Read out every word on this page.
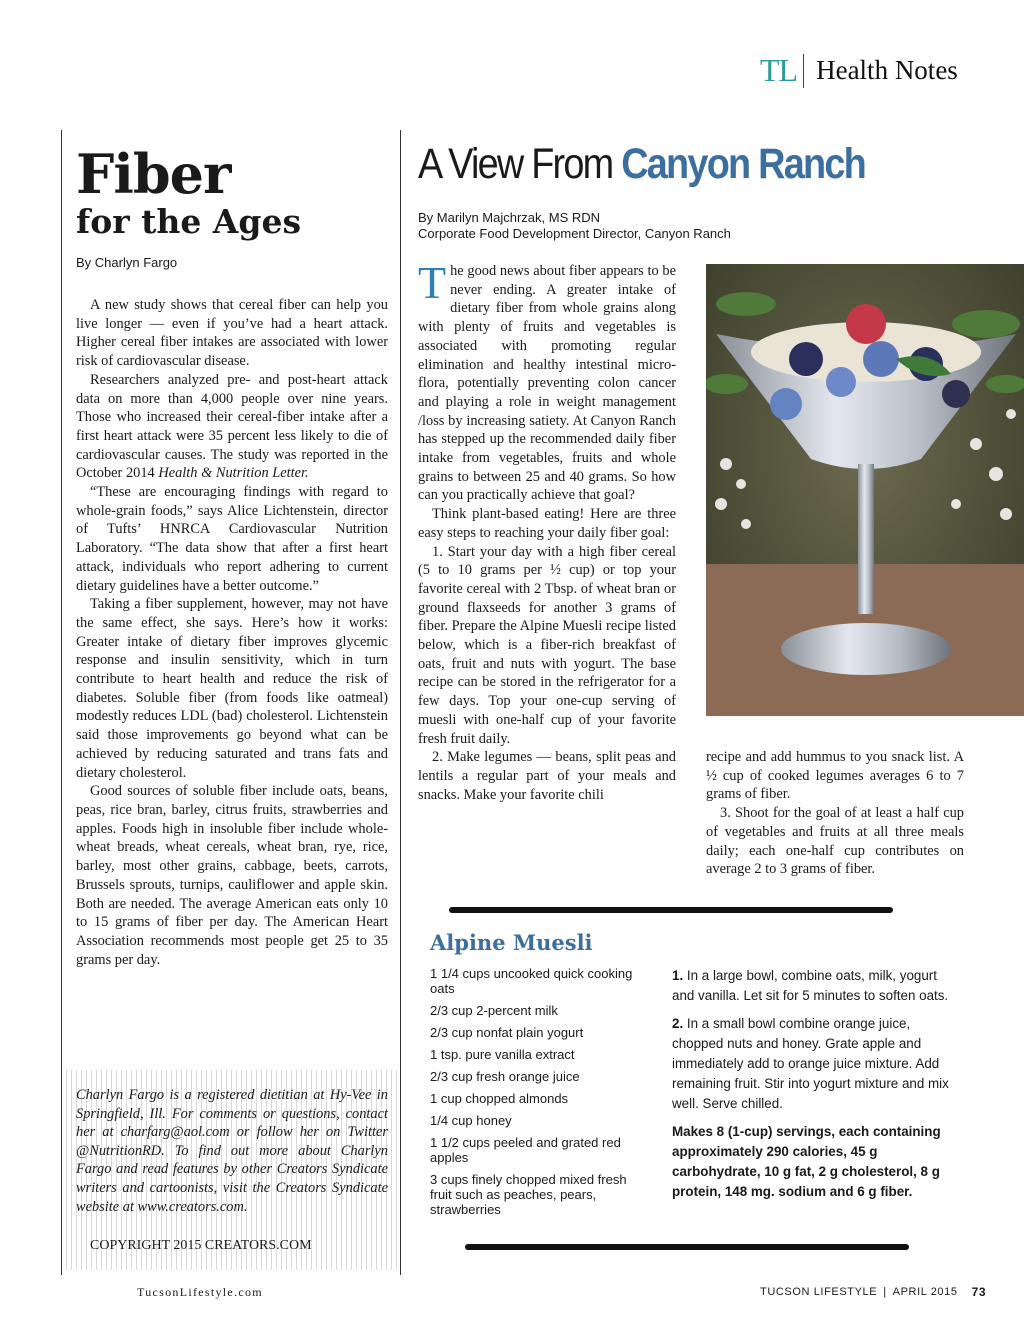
TL Health Notes
Fiber
for the Ages
By Charlyn Fargo

A new study shows that cereal fiber can help you live longer — even if you’ve had a heart attack. Higher cereal fiber intakes are associated with lower risk of cardiovascular disease.

Researchers analyzed pre- and post-heart attack data on more than 4,000 people over nine years. Those who increased their cereal-fiber intake after a first heart attack were 35 percent less likely to die of cardiovascular causes. The study was reported in the October 2014 Health & Nutrition Letter.

“These are encouraging findings with regard to whole-grain foods,” says Alice Lichtenstein, director of Tufts’ HNRCA Cardiovascular Nutrition Laboratory. “The data show that after a first heart attack, individuals who report adhering to current dietary guidelines have a better outcome.”

Taking a fiber supplement, however, may not have the same effect, she says. Here’s how it works: Greater intake of dietary fiber improves glycemic response and insulin sensitivity, which in turn contribute to heart health and reduce the risk of diabetes. Soluble fiber (from foods like oatmeal) modestly reduces LDL (bad) cholesterol. Lichtenstein said those improvements go beyond what can be achieved by reducing saturated and trans fats and dietary cholesterol.

Good sources of soluble fiber include oats, beans, peas, rice bran, barley, citrus fruits, strawberries and apples. Foods high in insoluble fiber include whole-wheat breads, wheat cereals, wheat bran, rye, rice, barley, most other grains, cabbage, beets, carrots, Brussels sprouts, turnips, cauliflower and apple skin. Both are needed. The average American eats only 10 to 15 grams of fiber per day. The American Heart Association recommends most people get 25 to 35 grams per day.

Charlyn Fargo is a registered dietitian at Hy-Vee in Springfield, Ill. For comments or questions, contact her at charfarg@aol.com or follow her on Twitter @NutritionRD. To find out more about Charlyn Fargo and read features by other Creators Syndicate writers and cartoonists, visit the Creators Syndicate website at www.creators.com.
COPYRIGHT 2015 CREATORS.COM
A View From Canyon Ranch
By Marilyn Majchrzak, MS RDN
Corporate Food Development Director, Canyon Ranch

The good news about fiber appears to be never ending. A greater intake of dietary fiber from whole grains along with plenty of fruits and vegetables is associated with promoting regular elimination and healthy intestinal micro-flora, potentially preventing colon cancer and playing a role in weight management /loss by increasing satiety. At Canyon Ranch has stepped up the recommended daily fiber intake from vegetables, fruits and whole grains to between 25 and 40 grams. So how can you practically achieve that goal?

Think plant-based eating! Here are three easy steps to reaching your daily fiber goal:

1. Start your day with a high fiber cereal (5 to 10 grams per ½ cup) or top your favorite cereal with 2 Tbsp. of wheat bran or ground flaxseeds for another 3 grams of fiber. Prepare the Alpine Muesli recipe listed below, which is a fiber-rich breakfast of oats, fruit and nuts with yogurt. The base recipe can be stored in the refrigerator for a few days. Top your one-cup serving of muesli with one-half cup of your favorite fresh fruit daily.

2. Make legumes — beans, split peas and lentils a regular part of your meals and snacks. Make your favorite chili

recipe and add hummus to you snack list. A ½ cup of cooked legumes averages 6 to 7 grams of fiber.

3. Shoot for the goal of at least a half cup of vegetables and fruits at all three meals daily; each one-half cup contributes on average 2 to 3 grams of fiber.

Alpine Muesli
1 1/4 cups uncooked quick cooking oats
2/3 cup 2-percent milk
2/3 cup nonfat plain yogurt
1 tsp. pure vanilla extract
2/3 cup fresh orange juice
1 cup chopped almonds
1/4 cup honey
1 1/2 cups peeled and grated red apples
3 cups finely chopped mixed fresh fruit such as peaches, pears, strawberries

1. In a large bowl, combine oats, milk, yogurt and vanilla. Let sit for 5 minutes to soften oats.

2. In a small bowl combine orange juice, chopped nuts and honey. Grate apple and immediately add to orange juice mixture. Add remaining fruit. Stir into yogurt mixture and mix well. Serve chilled.

Makes 8 (1-cup) servings, each containing approximately 290 calories, 45 g carbohydrate, 10 g fat, 2 g cholesterol, 8 g protein, 148 mg. sodium and 6 g fiber.

TucsonLifestyle.com	TUCSON LIFESTYLE | APRIL 2015 73
